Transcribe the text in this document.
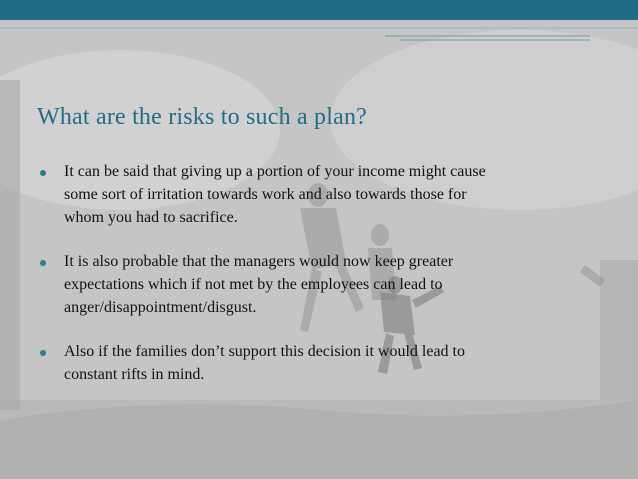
What are the risks to such a plan?
It can be said that giving up a portion of your income might cause
some sort of irritation towards work and also towards those for
whom you had to sacrifice.
It is also probable that the managers would now keep greater
expectations which if not met by the employees can lead to
anger/disappointment/disgust.
Also if the families don’t support this decision it would lead to
constant rifts in mind.
